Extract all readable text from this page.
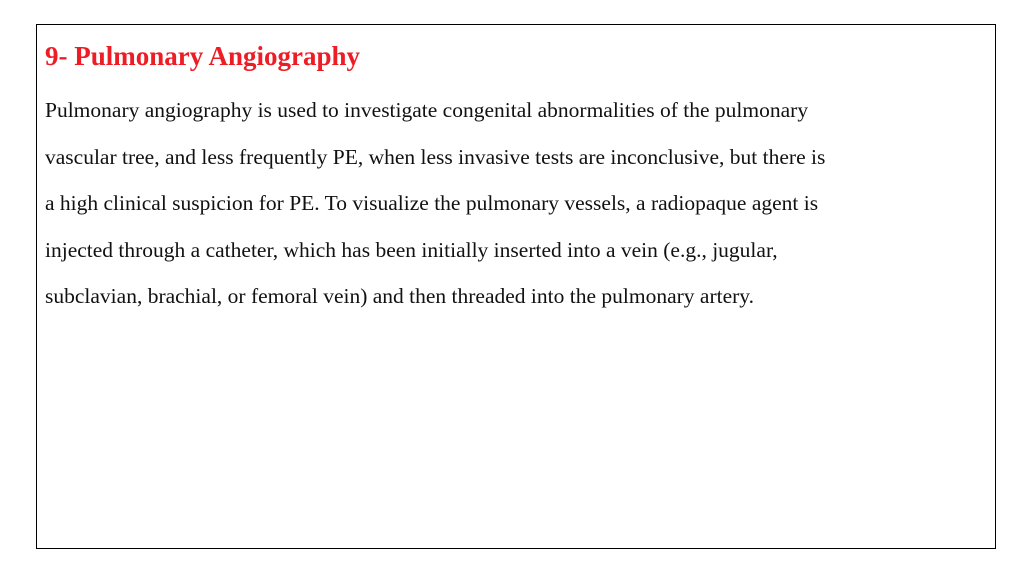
9- Pulmonary Angiography

Pulmonary angiography is used to investigate congenital abnormalities of the pulmonary
vascular tree, and less frequently PE, when less invasive tests are inconclusive, but there is
a high clinical suspicion for PE. To visualize the pulmonary vessels, a radiopaque agent is
injected through a catheter, which has been initially inserted into a vein (e.g., jugular,
subclavian, brachial, or femoral vein) and then threaded into the pulmonary artery.
